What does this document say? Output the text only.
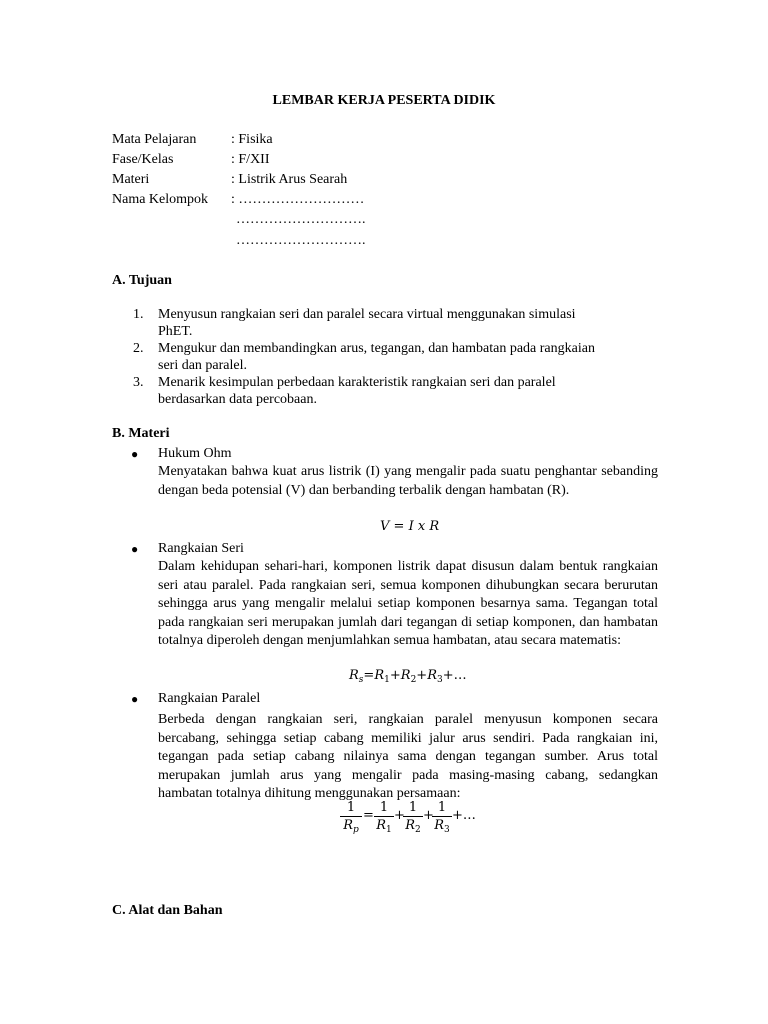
LEMBAR KERJA PESERTA DIDIK
Mata Pelajaran : Fisika
Fase/Kelas	: F/XII
Materi	: Listrik Arus Searah
Nama Kelompok : ………………………
……………………….
……………………….
A. Tujuan
1. Menyusun rangkaian seri dan paralel secara virtual menggunakan simulasi
PhET.
2. Mengukur dan membandingkan arus, tegangan, dan hambatan pada rangkaian
seri dan paralel.
3. Menarik kesimpulan perbedaan karakteristik rangkaian seri dan paralel
berdasarkan data percobaan.
B. Materi
● Hukum Ohm
Menyatakan bahwa kuat arus listrik (I) yang mengalir pada suatu penghantar sebanding dengan beda potensial (V) dan berbanding terbalik dengan hambatan (R).
V = I x R
● Rangkaian Seri
Dalam kehidupan sehari-hari, komponen listrik dapat disusun dalam bentuk rangkaian seri atau paralel. Pada rangkaian seri, semua komponen dihubungkan secara berurutan sehingga arus yang mengalir melalui setiap komponen besarnya sama. Tegangan total pada rangkaian seri merupakan jumlah dari tegangan di setiap komponen, dan hambatan totalnya diperoleh dengan menjumlahkan semua hambatan, atau secara matematis:
$R_s=R_1+R_2+R_3+\dots$
● Rangkaian Paralel
Berbeda dengan rangkaian seri, rangkaian paralel menyusun komponen secara bercabang, sehingga setiap cabang memiliki jalur arus sendiri. Pada rangkaian ini, tegangan pada setiap cabang nilainya sama dengan tegangan sumber. Arus total merupakan jumlah arus yang mengalir pada masing-masing cabang, sedangkan hambatan totalnya dihitung menggunakan persamaan:
1
$R_p$
=
1
$R_1$
+
1
$R_2$
+
1
$R_3$
+…
C. Alat dan Bahan
